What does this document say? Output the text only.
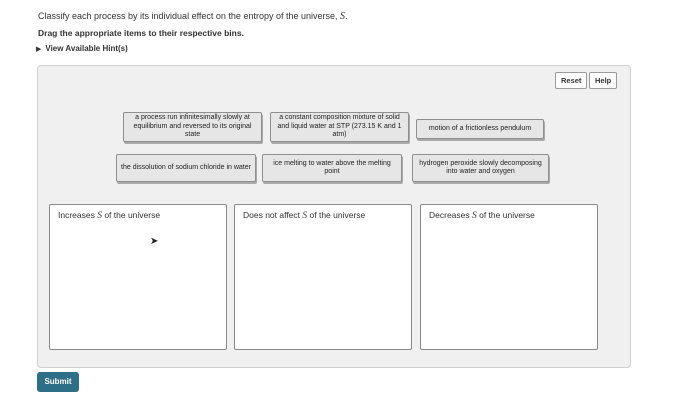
Classify each process by its individual effect on the entropy of the universe, S.
Drag the appropriate items to their respective bins.
▶ View Available Hint(s)
Reset	Help
a process run infinitesimally slowly at equilibrium and reversed to its original state
a constant composition mixture of solid and liquid water at STP (273.15 K and 1 atm)
motion of a frictionless pendulum
the dissolution of sodium chloride in water
ice melting to water above the melting point
hydrogen peroxide slowly decomposing into water and oxygen
Increases S of the universe	Does not affect S of the universe	Decreases S of the universe
➤
Submit
